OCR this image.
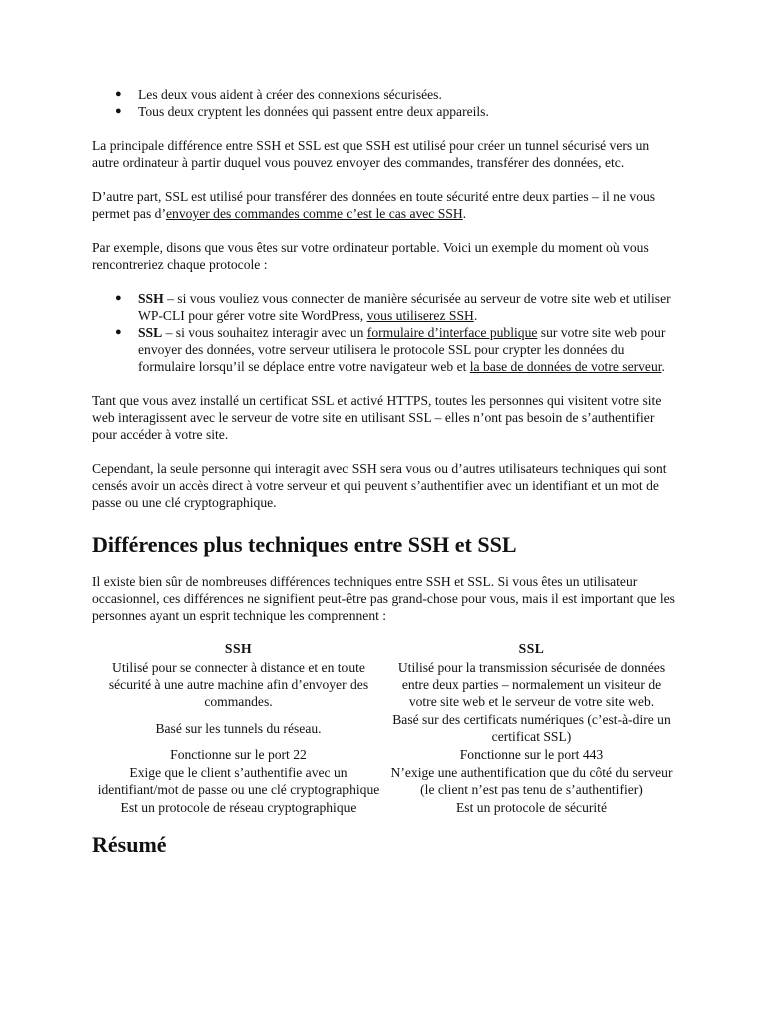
● Les deux vous aident à créer des connexions sécurisées.
● Tous deux cryptent les données qui passent entre deux appareils.

La principale différence entre SSH et SSL est que SSH est utilisé pour créer un tunnel sécurisé vers un autre ordinateur à partir duquel vous pouvez envoyer des commandes, transférer des données, etc.

D’autre part, SSL est utilisé pour transférer des données en toute sécurité entre deux parties – il ne vous permet pas d’envoyer des commandes comme c’est le cas avec SSH.

Par exemple, disons que vous êtes sur votre ordinateur portable. Voici un exemple du moment où vous rencontreriez chaque protocole :

● SSH – si vous vouliez vous connecter de manière sécurisée au serveur de votre site web et utiliser WP-CLI pour gérer votre site WordPress, vous utiliserez SSH.
● SSL – si vous souhaitez interagir avec un formulaire d’interface publique sur votre site web pour envoyer des données, votre serveur utilisera le protocole SSL pour crypter les données du formulaire lorsqu’il se déplace entre votre navigateur web et la base de données de votre serveur.

Tant que vous avez installé un certificat SSL et activé HTTPS, toutes les personnes qui visitent votre site web interagissent avec le serveur de votre site en utilisant SSL – elles n’ont pas besoin de s’authentifier pour accéder à votre site.

Cependant, la seule personne qui interagit avec SSH sera vous ou d’autres utilisateurs techniques qui sont censés avoir un accès direct à votre serveur et qui peuvent s’authentifier avec un identifiant et un mot de passe ou une clé cryptographique.

Différences plus techniques entre SSH et SSL

Il existe bien sûr de nombreuses différences techniques entre SSH et SSL. Si vous êtes un utilisateur occasionnel, ces différences ne signifient peut-être pas grand-chose pour vous, mais il est important que les personnes ayant un esprit technique les comprennent :

SSH	SSL
Utilisé pour se connecter à distance et en toute sécurité à une autre machine afin d’envoyer des commandes.	Utilisé pour la transmission sécurisée de données entre deux parties – normalement un visiteur de votre site web et le serveur de votre site web.
Basé sur les tunnels du réseau.	Basé sur des certificats numériques (c’est-à-dire un certificat SSL)
Fonctionne sur le port 22	Fonctionne sur le port 443
Exige que le client s’authentifie avec un identifiant/mot de passe ou une clé cryptographique	N’exige une authentification que du côté du serveur (le client n’est pas tenu de s’authentifier)
Est un protocole de réseau cryptographique	Est un protocole de sécurité
Résumé
